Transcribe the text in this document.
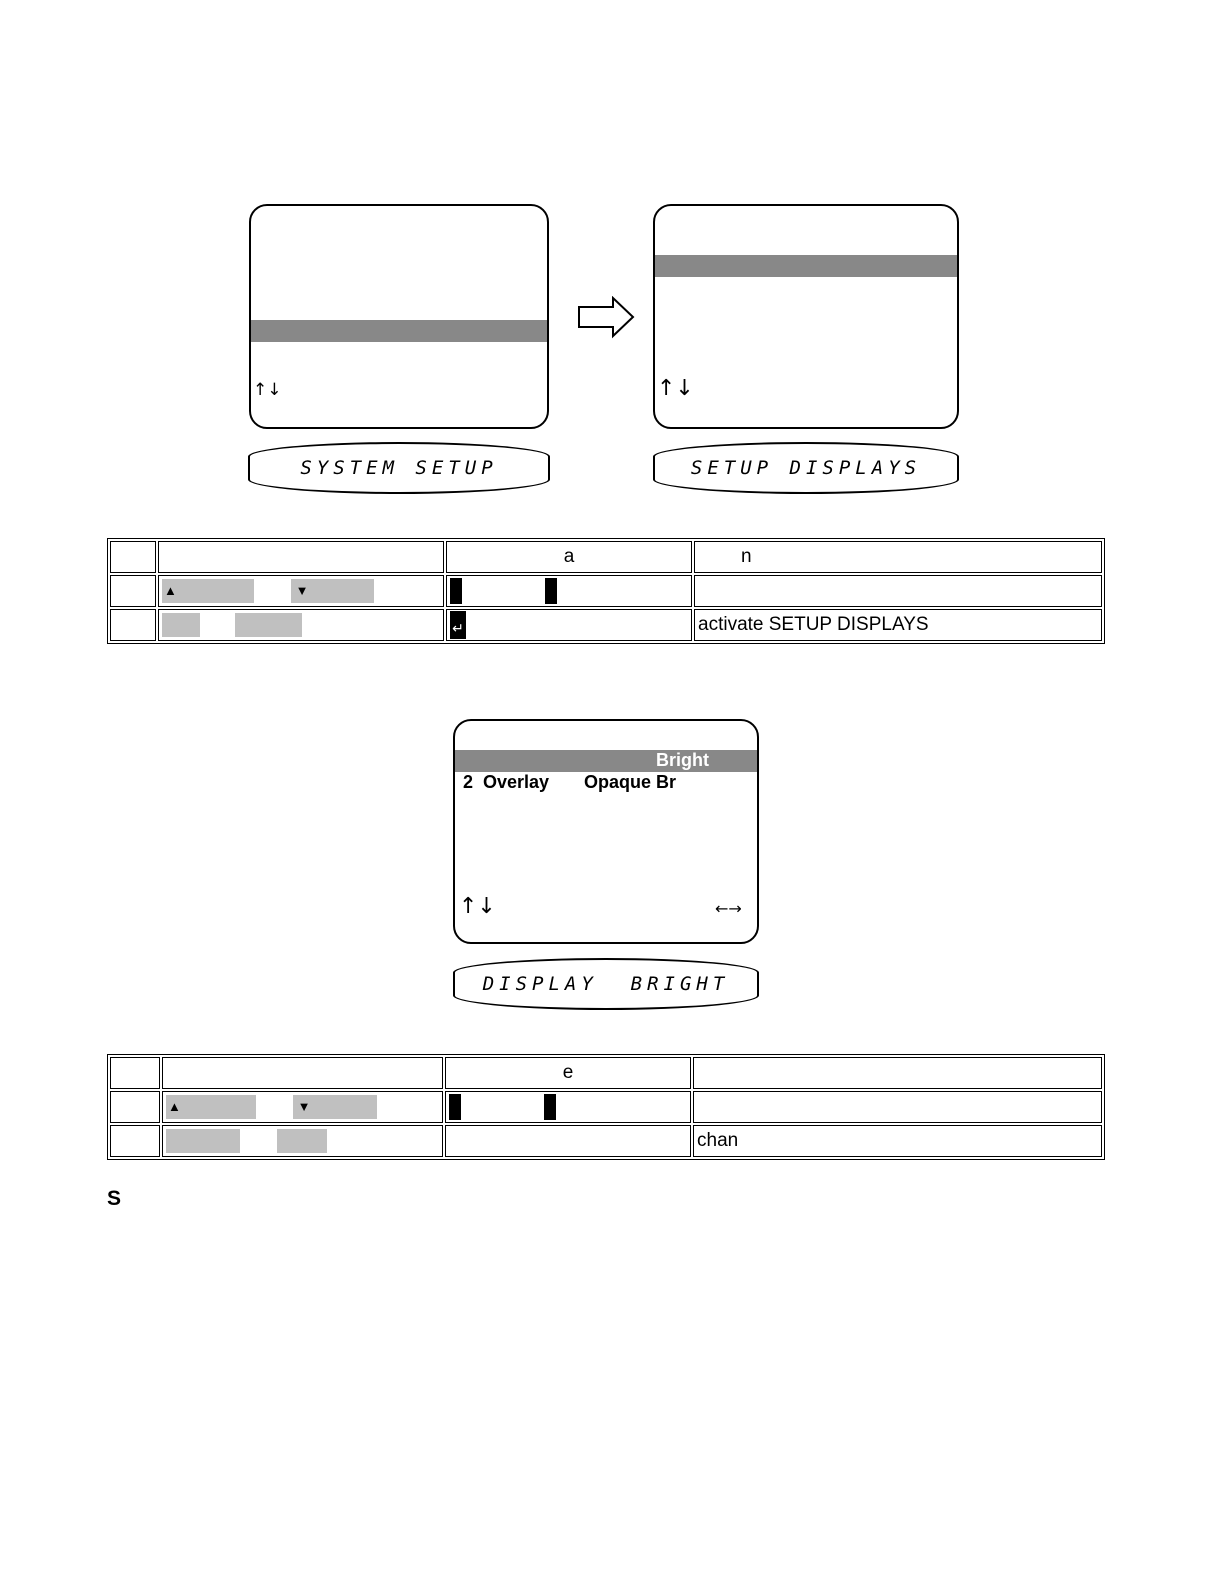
↑↓	↑↓
SYSTEM SETUP	SETUP DISPLAYS
		a	n
	▲ ▼		
		↵	activate SETUP DISPLAYS
Bright
2 Overlay Opaque Br
↑↓	←→
DISPLAY  BRIGHT
		e	
	▲ ▼		
			chan
S
